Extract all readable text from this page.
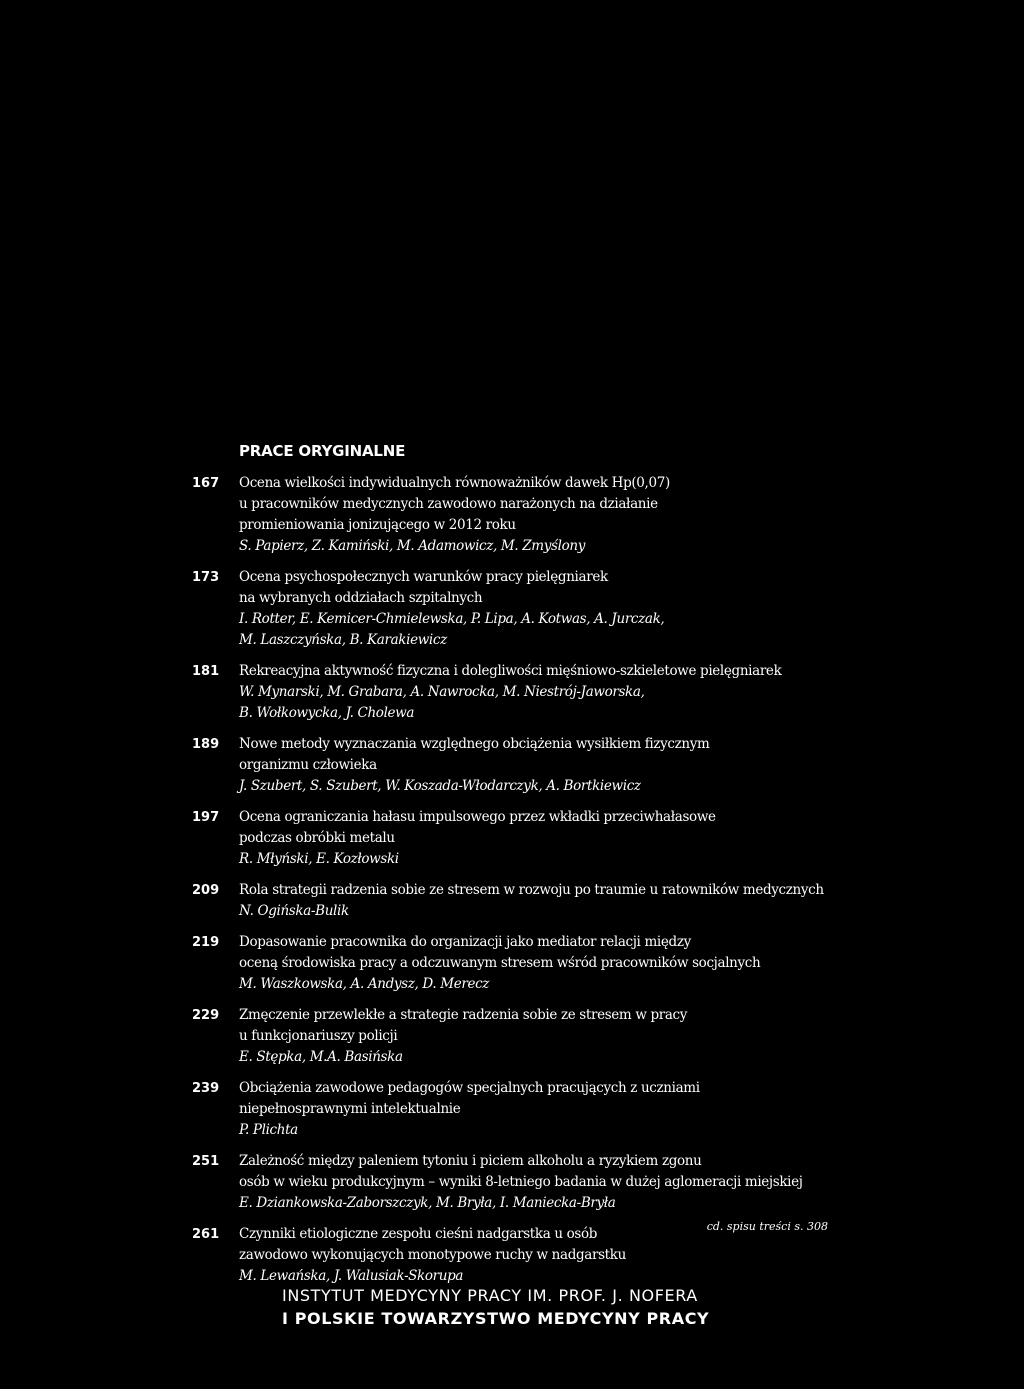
PRACE ORYGINALNE
167	Ocena wielkości indywidualnych równoważników dawek Hp(0,07)
u pracowników medycznych zawodowo narażonych na działanie
promieniowania jonizującego w 2012 roku
S. Papierz, Z. Kamiński, M. Adamowicz, M. Zmyślony
173	Ocena psychospołecznych warunków pracy pielęgniarek
na wybranych oddziałach szpitalnych
I. Rotter, E. Kemicer-Chmielewska, P. Lipa, A. Kotwas, A. Jurczak,
M. Laszczyńska, B. Karakiewicz
181	Rekreacyjna aktywność fizyczna i dolegliwości mięśniowo-szkieletowe pielęgniarek
W. Mynarski, M. Grabara, A. Nawrocka, M. Niestrój-Jaworska,
B. Wołkowycka, J. Cholewa
189	Nowe metody wyznaczania względnego obciążenia wysiłkiem fizycznym
organizmu człowieka
J. Szubert, S. Szubert, W. Koszada-Włodarczyk, A. Bortkiewicz
197	Ocena ograniczania hałasu impulsowego przez wkładki przeciwhałasowe
podczas obróbki metalu
R. Młyński, E. Kozłowski
209	Rola strategii radzenia sobie ze stresem w rozwoju po traumie u ratowników medycznych
N. Ogińska-Bulik
219	Dopasowanie pracownika do organizacji jako mediator relacji między
oceną środowiska pracy a odczuwanym stresem wśród pracowników socjalnych
M. Waszkowska, A. Andysz, D. Merecz
229	Zmęczenie przewlekłe a strategie radzenia sobie ze stresem w pracy
u funkcjonariuszy policji
E. Stępka, M.A. Basińska
239	Obciążenia zawodowe pedagogów specjalnych pracujących z uczniami
niepełnosprawnymi intelektualnie
P. Plichta
251	Zależność między paleniem tytoniu i piciem alkoholu a ryzykiem zgonu
osób w wieku produkcyjnym – wyniki 8-letniego badania w dużej aglomeracji miejskiej
E. Dziankowska-Zaborszczyk, M. Bryła, I. Maniecka-Bryła
261	Czynniki etiologiczne zespołu cieśni nadgarstka u osób
zawodowo wykonujących monotypowe ruchy w nadgarstku
M. Lewańska, J. Walusiak-Skorupa
cd. spisu treści s. 308
INSTYTUT MEDYCYNY PRACY IM. PROF. J. NOFERA
I POLSKIE TOWARZYSTWO MEDYCYNY PRACY
